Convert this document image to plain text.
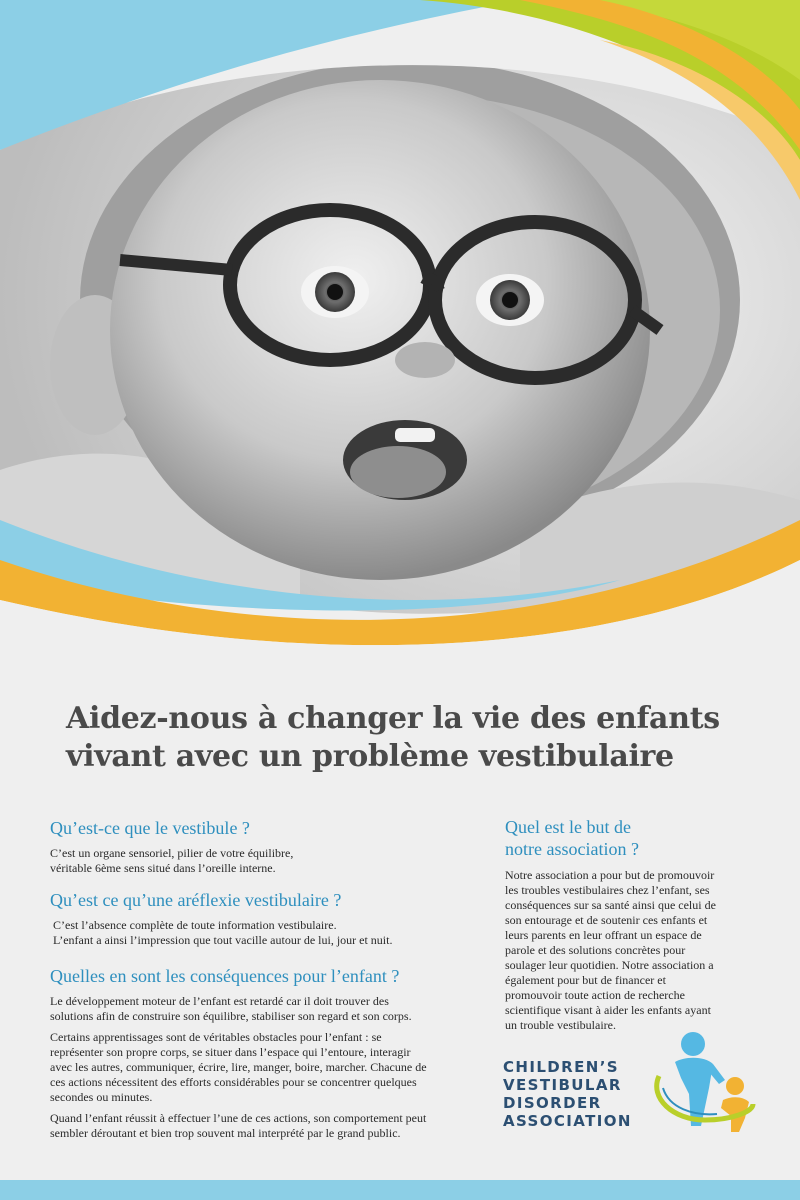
Aidez-nous à changer la vie des enfants
vivant avec un problème vestibulaire
Qu’est-ce que le vestibule ?

C’est un organe sensoriel, pilier de votre équilibre,

véritable 6ème sens situé dans l’oreille interne.

Qu’est ce qu’une aréflexie vestibulaire ?

C’est l’absence complète de toute information vestibulaire.

L’enfant a ainsi l’impression que tout vacille autour de lui, jour et nuit.

Quelles en sont les conséquences pour l’enfant ?

Le développement moteur de l’enfant est retardé car il doit trouver des

solutions afin de construire son équilibre, stabiliser son regard et son corps.

Certains apprentissages sont de véritables obstacles pour l’enfant : se

représenter son propre corps, se situer dans l’espace qui l’entoure, interagir

avec les autres, communiquer, écrire, lire, manger, boire, marcher. Chacune de

ces actions nécessitent des efforts considérables pour se concentrer quelques

secondes ou minutes.

Quand l’enfant réussit à effectuer l’une de ces actions, son comportement peut

sembler déroutant et bien trop souvent mal interprété par le grand public.

Quel est le but de
notre association ?

Notre association a pour but de promouvoir

les troubles vestibulaires chez l’enfant, ses

conséquences sur sa santé ainsi que celui de

son entourage et de soutenir ces enfants et

leurs parents en leur offrant un espace de

parole et des solutions concrètes pour

soulager leur quotidien. Notre association a

également pour but de financer et

promouvoir toute action de recherche

scientifique visant à aider les enfants ayant

un trouble vestibulaire.

CHILDREN’S
VESTIBULAR
DISORDER
ASSOCIATION
